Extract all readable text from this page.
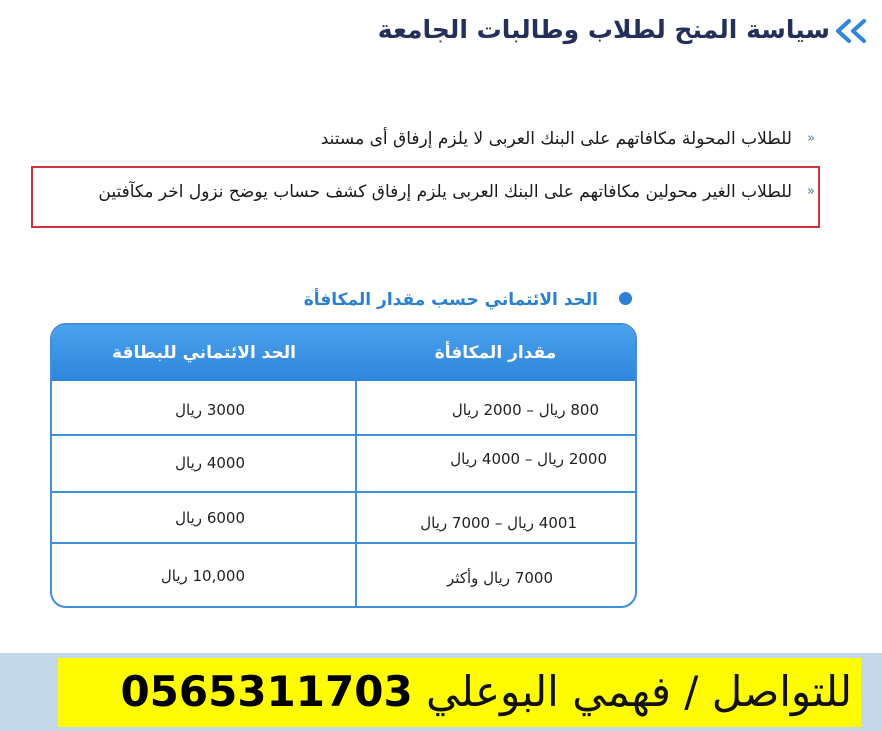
سياسة المنح لطلاب وطالبات الجامعة
»
للطلاب المحولة مكافاتهم على البنك العربى لا يلزم إرفاق أى مستند
»
للطلاب الغير محولين مكافاتهم على البنك العربى يلزم إرفاق كشف حساب يوضح نزول اخر مكآفتين
الحد الائتماني حسب مقدار المكافأة
مقدار المكافأة
الحد الائتماني للبطاقة
800 ريال – 2000 ريال
3000 ريال
2000 ريال – 4000 ريال
4000 ريال
4001 ريال – 7000 ريال
6000 ريال
7000 ريال وأكثر
10,000 ريال
للتواصل / فهمي البوعلي 0565311703
